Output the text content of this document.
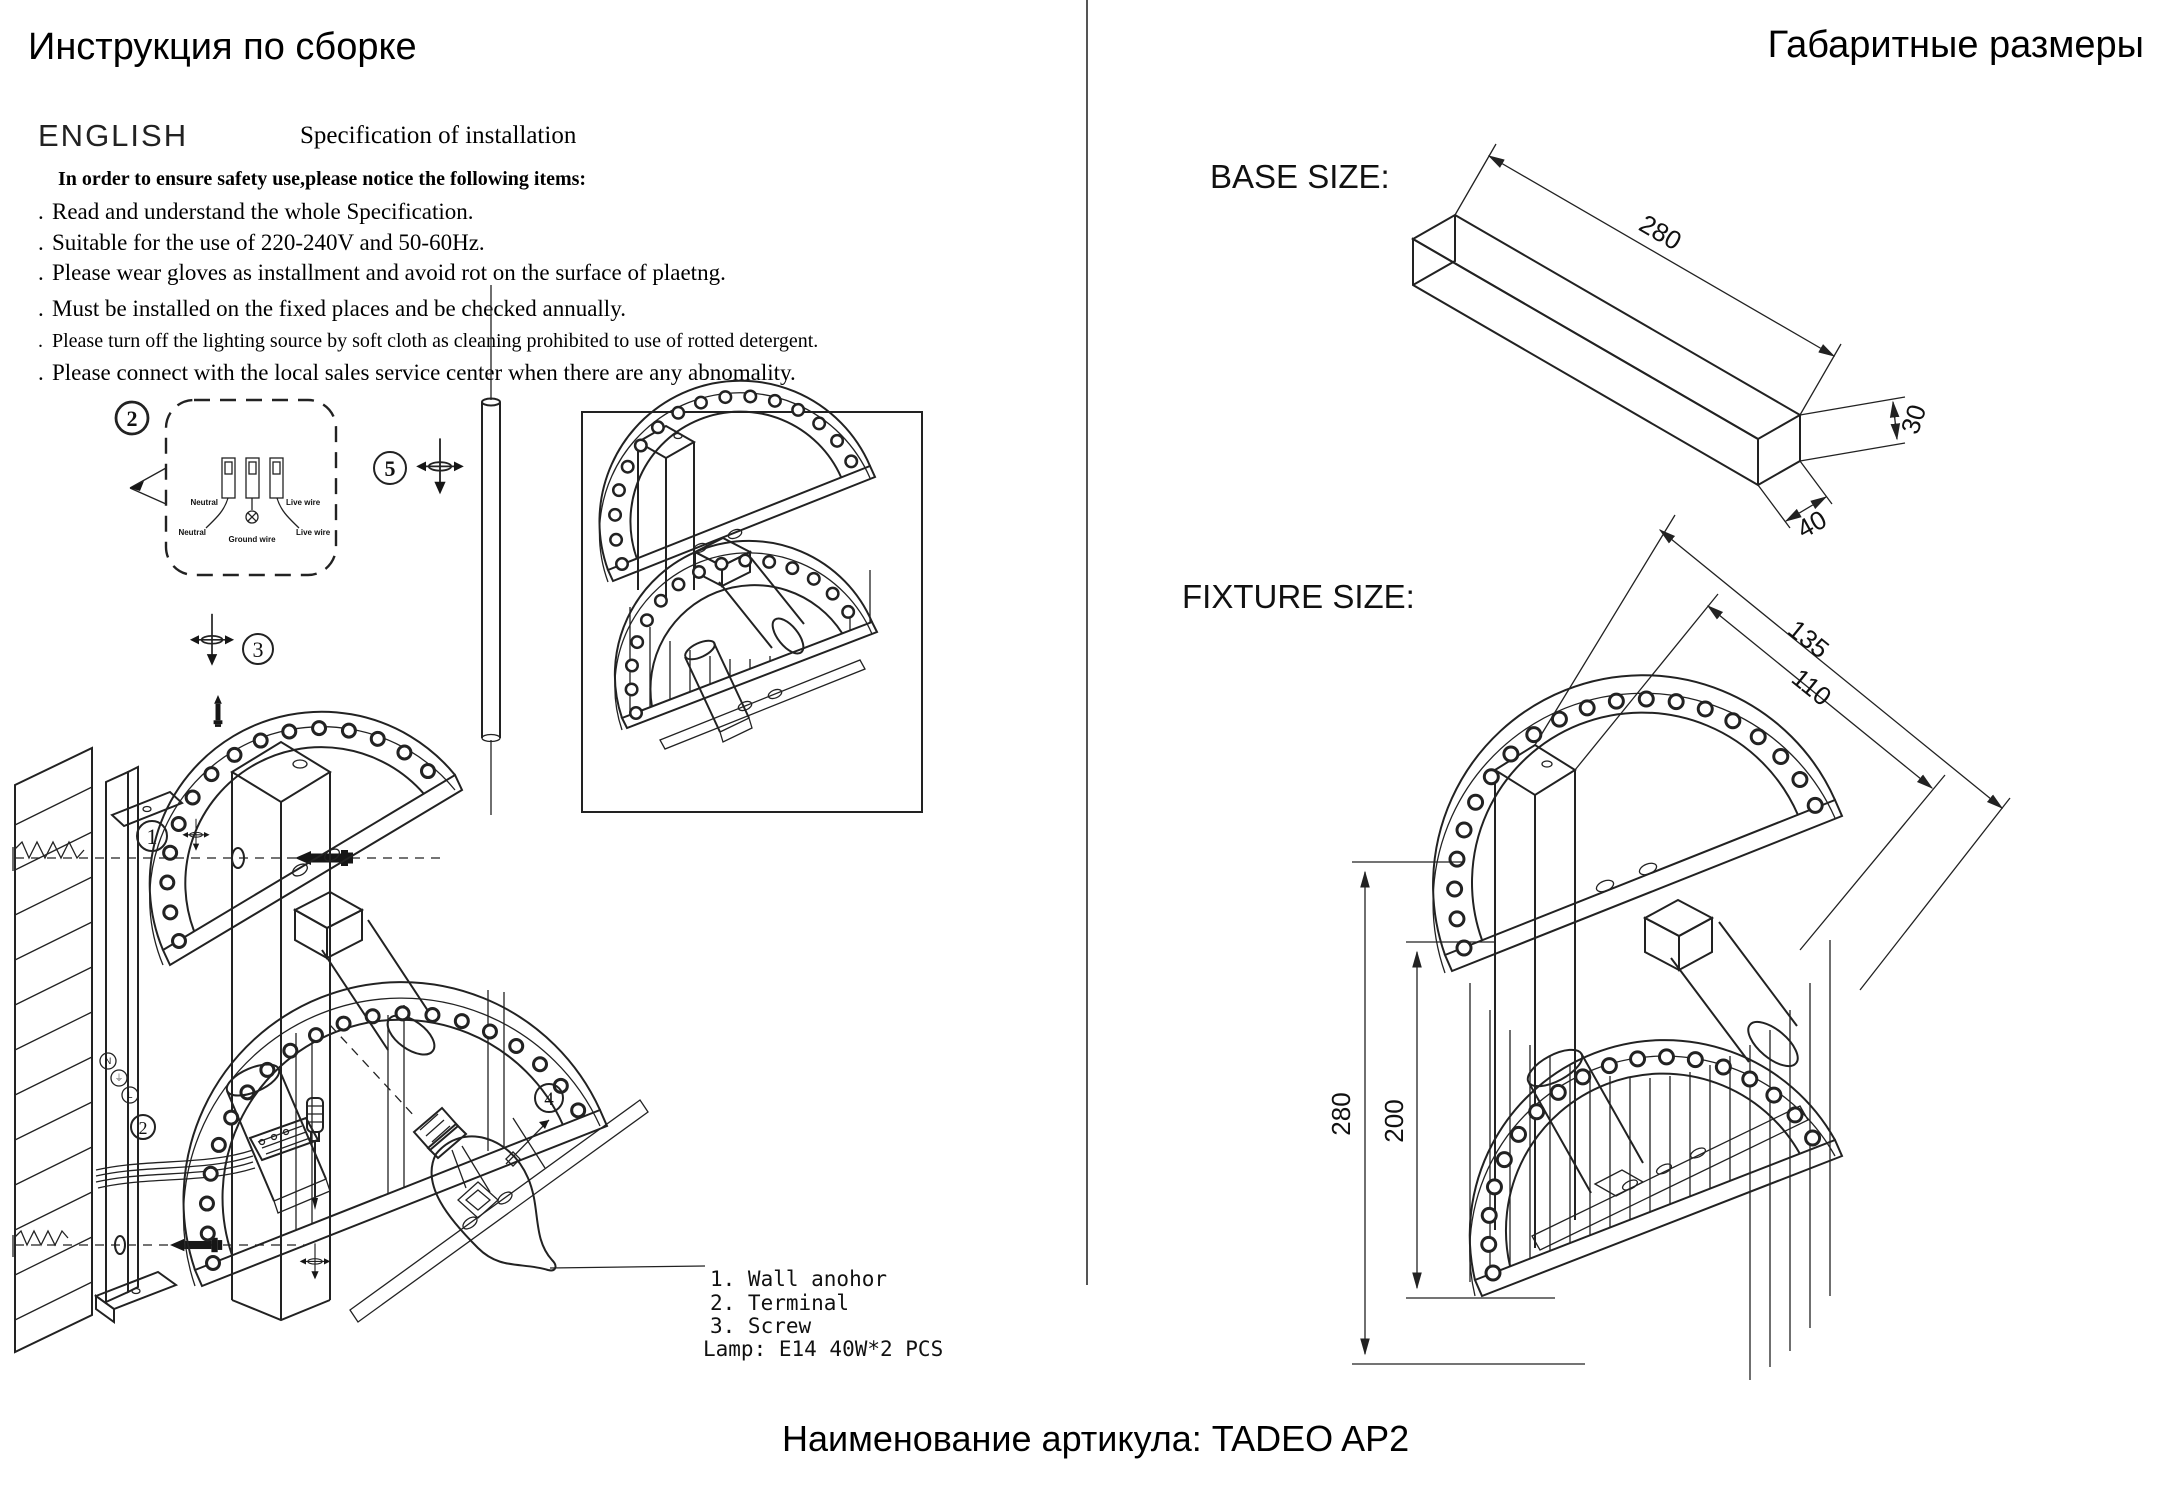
Инструкция по сборке	Габаритные размеры
ENGLISH	Specification of installation
In order to ensure safety use,please notice the following items:
. Read and understand the whole Specification.
. Suitable for the use of 220-240V and 50-60Hz.
. Please wear gloves as installment and avoid rot on the surface of plaetng.
. Must be installed on the fixed places and be checked annually.
. Please turn off the lighting source by soft cloth as cleaning prohibited to use of rotted detergent.
. Please connect with the local sales service center when there are any abnomality.
1
3
2
Neutral
Neutral
Ground wire
Live wire
Live wire
5
N
⏚
L
2
4
1. Wall anohor
2. Terminal
3. Screw
Lamp: E14 40W*2 PCS
BASE SIZE:
280
30
40
FIXTURE SIZE:
280 200
135
110
Наименование артикула: TADEO AP2
